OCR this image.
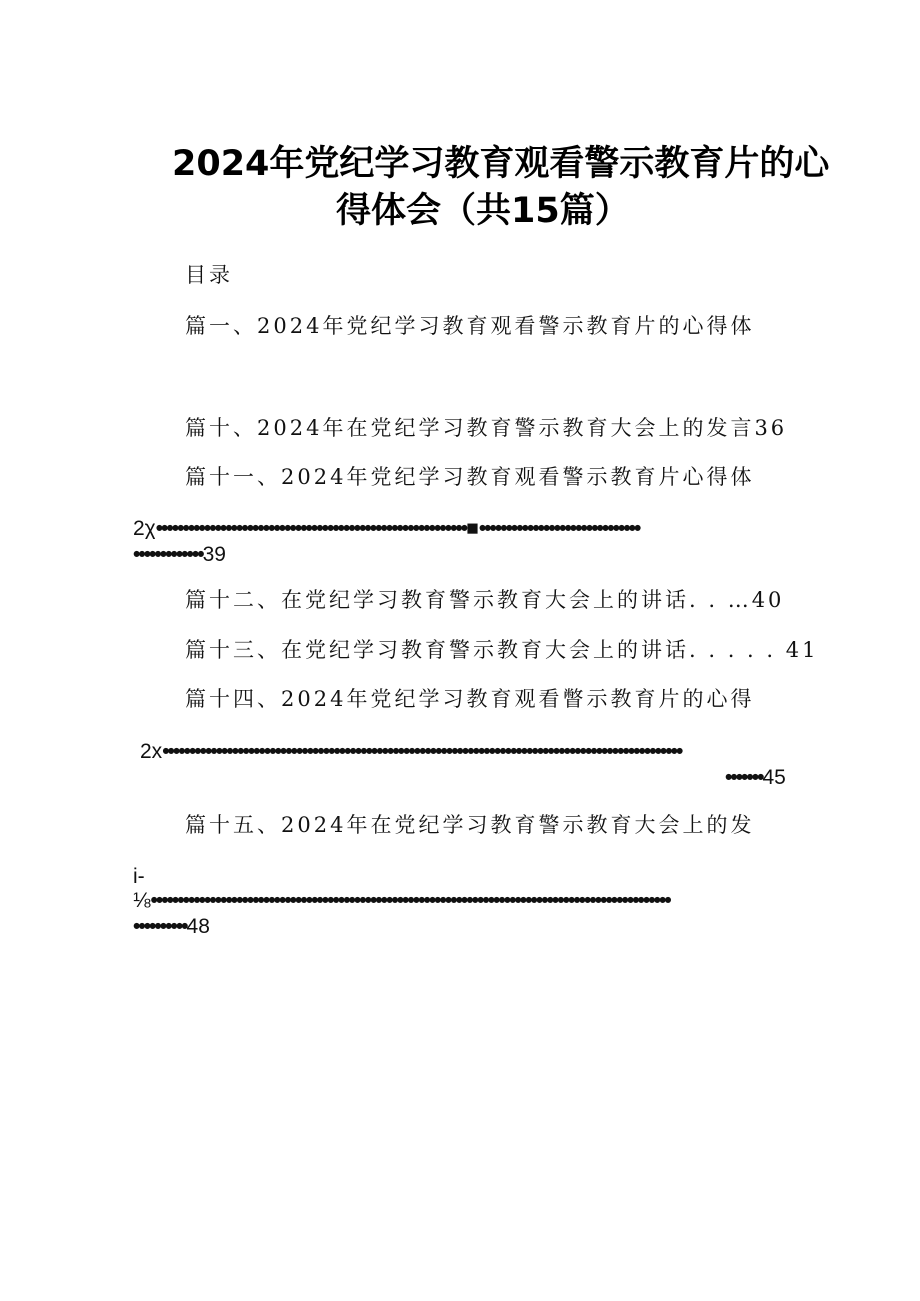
2024年党纪学习教育观看警示教育片的心
得体会（共15篇）
目录
篇一、2024年党纪学习教育观看警示教育片的心得体
篇十、2024年在党纪学习教育警示教育大会上的发言36
篇十一、2024年党纪学习教育观看警示教育片心得体
2χ••••••••••••••••••••••••••••••••••••••••••••••••••••••••••■••••••••••••••••••••••••••••••
•••••••••••••39
篇十二、在党纪学习教育警示教育大会上的讲话. . …40
篇十三、在党纪学习教育警示教育大会上的讲话. . . . . 41
篇十四、2024年党纪学习教育观看瞥示教育片的心得
2x•••••••••••••••••••••••••••••••••••••••••••••••••••••••••••••••••••••••••••••••••••••••••••••••••
•••••••45
篇十五、2024年在党纪学习教育警示教育大会上的发
i-
⅛•••••••••••••••••••••••••••••••••••••••••••••••••••••••••••••••••••••••••••••••••••••••••••••••••
••••••••••48
